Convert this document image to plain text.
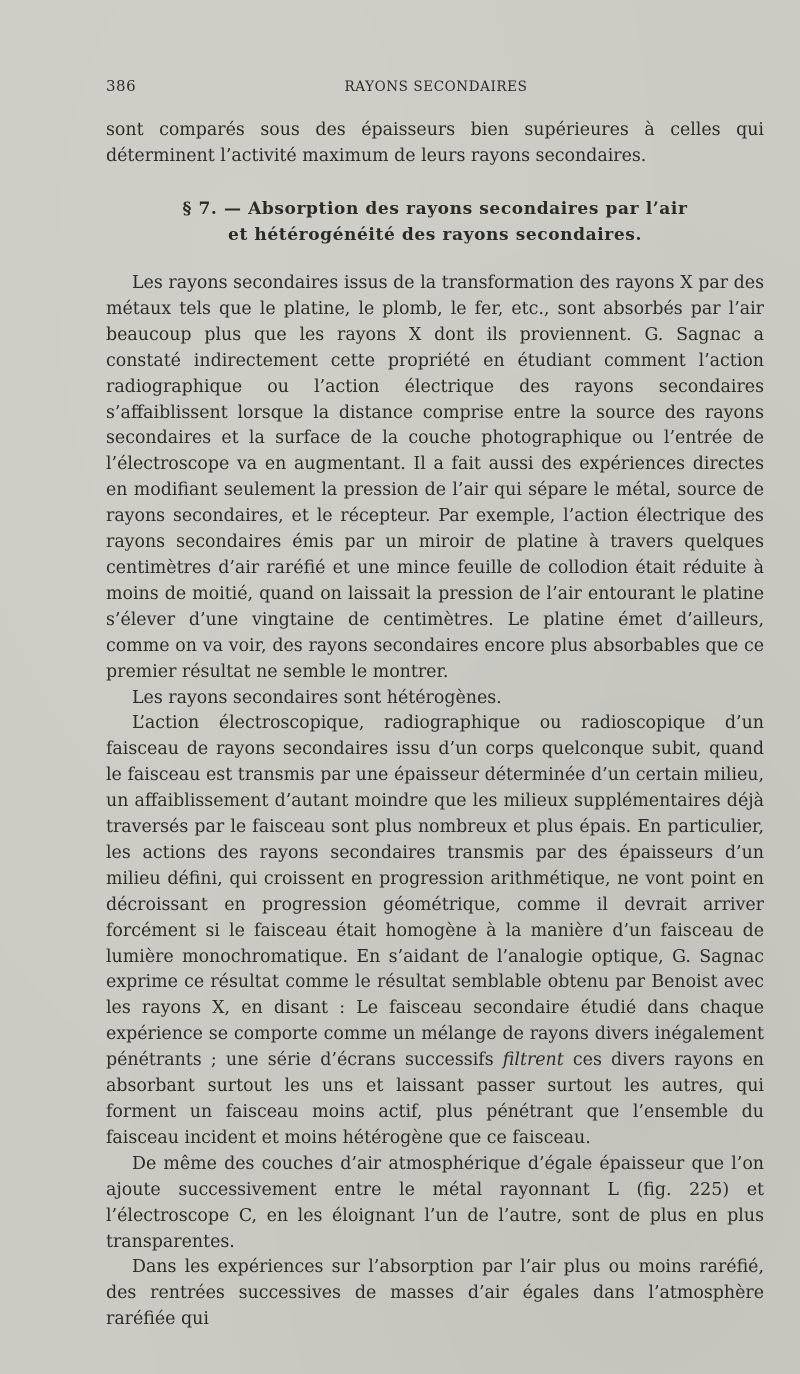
386	RAYONS SECONDAIRES

sont comparés sous des épaisseurs bien supérieures à celles qui déterminent l’activité maximum de leurs rayons secondaires.

§ 7. — Absorption des rayons secondaires par l’air
et hétérogénéité des rayons secondaires.

Les rayons secondaires issus de la transformation des rayons X par des métaux tels que le platine, le plomb, le fer, etc., sont absorbés par l’air beaucoup plus que les rayons X dont ils proviennent. G. Sagnac a constaté indirectement cette propriété en étudiant comment l’action radiographique ou l’action électrique des rayons secondaires s’affaiblissent lorsque la distance comprise entre la source des rayons secondaires et la surface de la couche photographique ou l’entrée de l’électroscope va en augmentant. Il a fait aussi des expériences directes en modifiant seulement la pression de l’air qui sépare le métal, source de rayons secondaires, et le récepteur. Par exemple, l’action électrique des rayons secondaires émis par un miroir de platine à travers quelques centimètres d’air raréfié et une mince feuille de collodion était réduite à moins de moitié, quand on laissait la pression de l’air entourant le platine s’élever d’une vingtaine de centimètres. Le platine émet d’ailleurs, comme on va voir, des rayons secondaires encore plus absorbables que ce premier résultat ne semble le montrer.

Les rayons secondaires sont hétérogènes.

L’action électroscopique, radiographique ou radioscopique d’un faisceau de rayons secondaires issu d’un corps quelconque subit, quand le faisceau est transmis par une épaisseur déterminée d’un certain milieu, un affaiblissement d’autant moindre que les milieux supplémentaires déjà traversés par le faisceau sont plus nombreux et plus épais. En particulier, les actions des rayons secondaires transmis par des épaisseurs d’un milieu défini, qui croissent en progression arithmétique, ne vont point en décroissant en progression géométrique, comme il devrait arriver forcément si le faisceau était homogène à la manière d’un faisceau de lumière monochromatique. En s’aidant de l’analogie optique, G. Sagnac exprime ce résultat comme le résultat semblable obtenu par Benoist avec les rayons X, en disant : Le faisceau secondaire étudié dans chaque expérience se comporte comme un mélange de rayons divers inégalement pénétrants ; une série d’écrans successifs filtrent ces divers rayons en absorbant surtout les uns et laissant passer surtout les autres, qui forment un faisceau moins actif, plus pénétrant que l’ensemble du faisceau incident et moins hétérogène que ce faisceau.

De même des couches d’air atmosphérique d’égale épaisseur que l’on ajoute successivement entre le métal rayonnant L (fig. 225) et l’électroscope C, en les éloignant l’un de l’autre, sont de plus en plus transparentes.

Dans les expériences sur l’absorption par l’air plus ou moins raréfié, des rentrées successives de masses d’air égales dans l’atmosphère raréfiée qui
